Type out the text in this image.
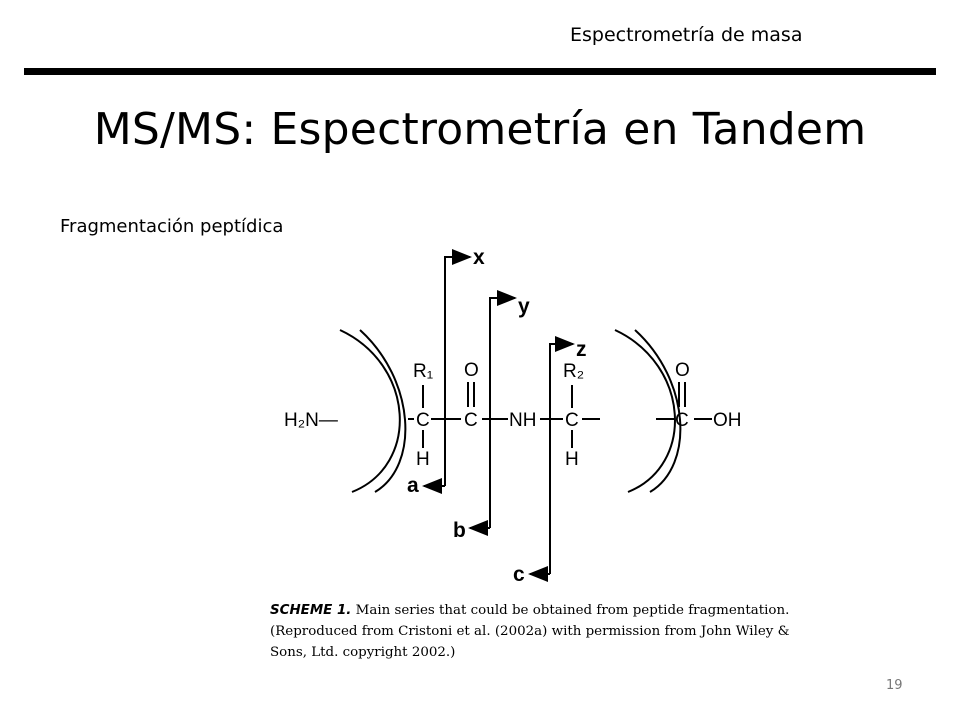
Espectrometría de masa
MS/MS: Espectrometría en Tandem
Fragmentación peptídica
H₂N—
R₁
C
H
O
C NH
R₂
C
H
O
C OH
x
y
z
a
b
c
SCHEME 1. Main series that could be obtained from peptide fragmentation. (Reproduced from Cristoni et al. (2002a) with permission from John Wiley & Sons, Ltd. copyright 2002.)
19
